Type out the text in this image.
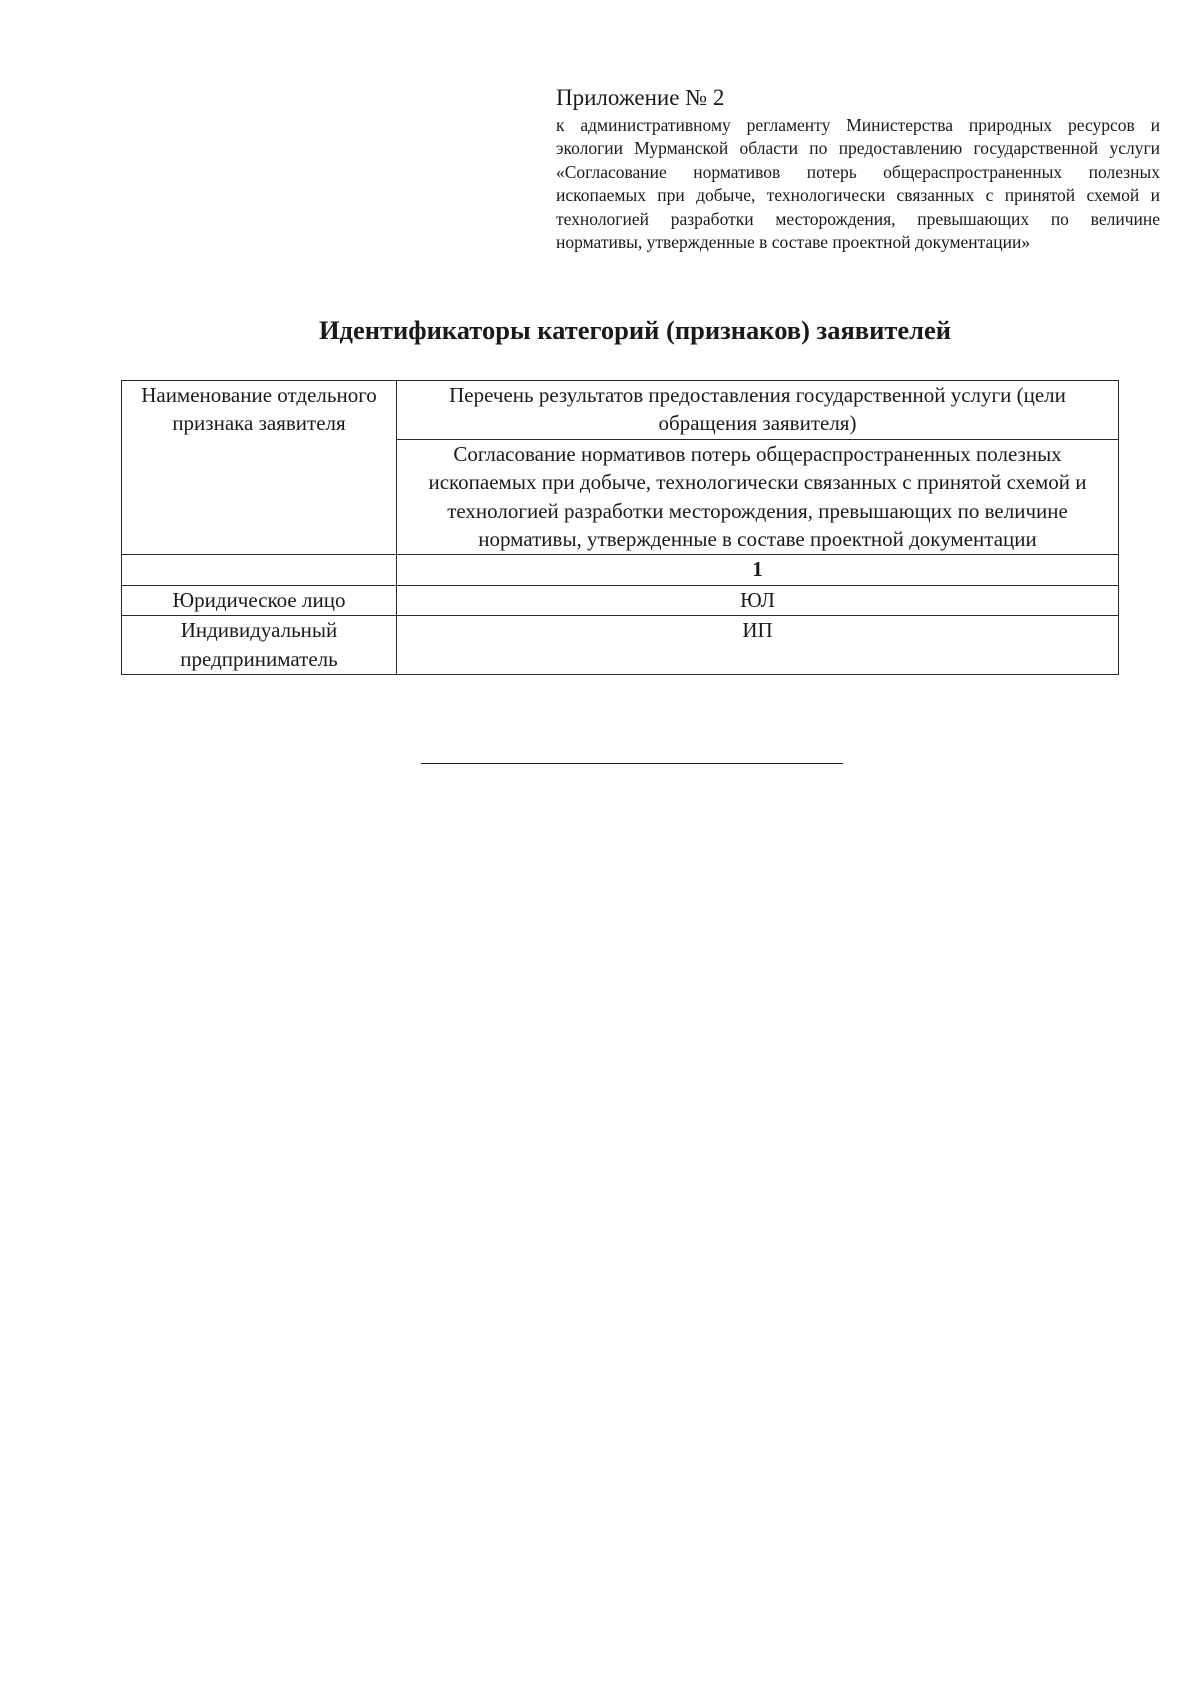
Приложение № 2

к административному регламенту Министерства природных ресурсов и экологии Мурманской области по предоставлению государственной услуги «Согласование нормативов потерь общераспространенных полезных ископаемых при добыче, технологически связанных с принятой схемой и технологией разработки месторождения, превышающих по величине нормативы, утвержденные в составе проектной документации»

Идентификаторы категорий (признаков) заявителей
Наименование отдельного признака заявителя	Перечень результатов предоставления государственной услуги (цели обращения заявителя)
	Согласование нормативов потерь общераспространенных полезных ископаемых при добыче, технологически связанных с принятой схемой и технологией разработки месторождения, превышающих по величине нормативы, утвержденные в составе проектной документации
	1
Юридическое лицо	ЮЛ
Индивидуальный предприниматель	ИП
